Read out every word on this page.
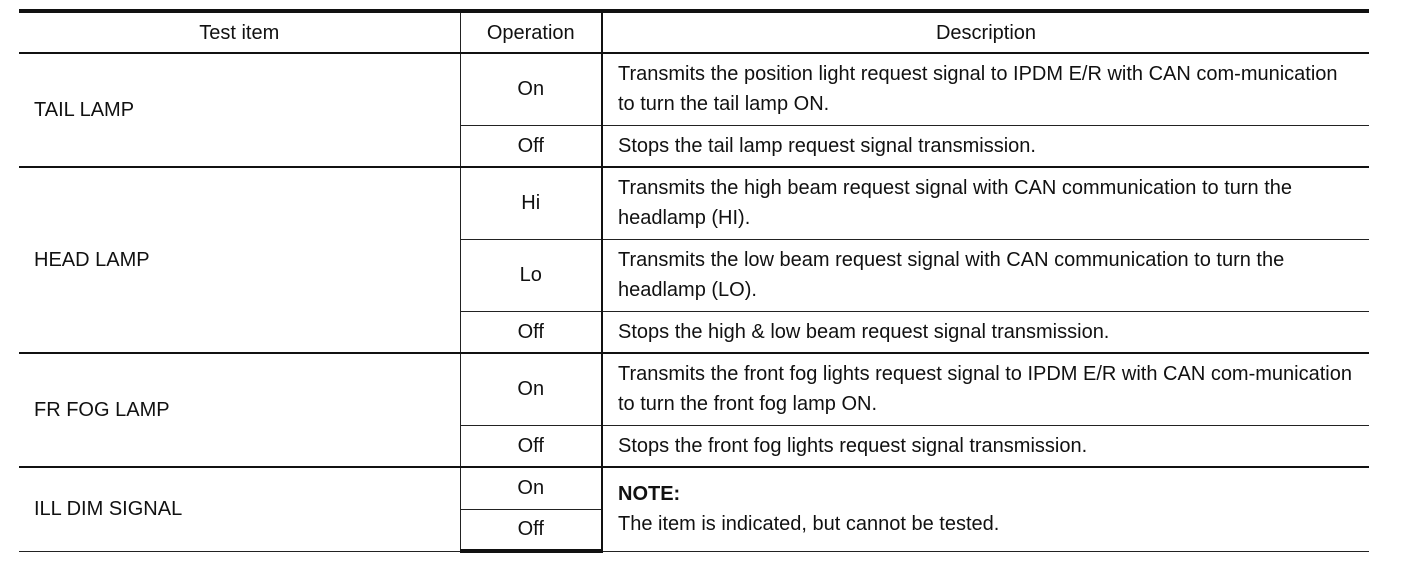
Test item	Operation	Description
TAIL LAMP	On	Transmits the position light request signal to IPDM E/R with CAN com-munication to turn the tail lamp ON.
	Off	Stops the tail lamp request signal transmission.
HEAD LAMP	Hi	Transmits the high beam request signal with CAN communication to turn the headlamp (HI).
	Lo	Transmits the low beam request signal with CAN communication to turn the headlamp (LO).
	Off	Stops the high & low beam request signal transmission.
FR FOG LAMP	On	Transmits the front fog lights request signal to IPDM E/R with CAN com-munication to turn the front fog lamp ON.
	Off	Stops the front fog lights request signal transmission.
ILL DIM SIGNAL	On	NOTE:
The item is indicated, but cannot be tested.

	Off	
